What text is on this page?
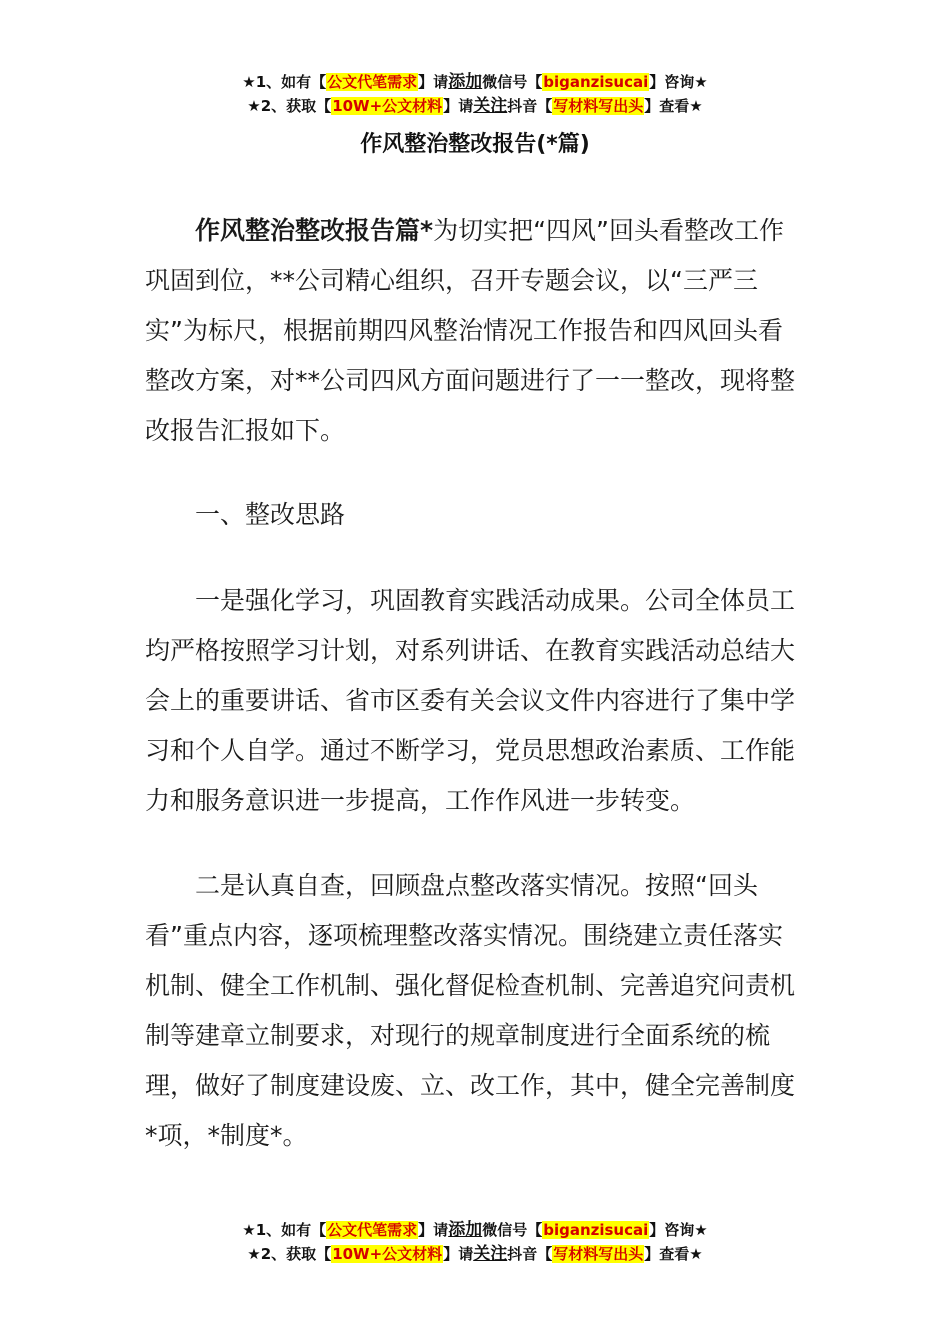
★1、如有【公文代笔需求】请添加微信号【biganzisucai】咨询★
★2、获取【10W+公文材料】请关注抖音【写材料写出头】查看★
作风整治整改报告(*篇)

作风整治整改报告篇*为切实把“四风”回头看整改工作巩固到位，**公司精心组织，召开专题会议，以“三严三实”为标尺，根据前期四风整治情况工作报告和四风回头看整改方案，对**公司四风方面问题进行了一一整改，现将整改报告汇报如下。

一、整改思路

一是强化学习，巩固教育实践活动成果。公司全体员工均严格按照学习计划，对系列讲话、在教育实践活动总结大会上的重要讲话、省市区委有关会议文件内容进行了集中学习和个人自学。通过不断学习，党员思想政治素质、工作能力和服务意识进一步提高，工作作风进一步转变。

二是认真自查，回顾盘点整改落实情况。按照“回头看”重点内容，逐项梳理整改落实情况。围绕建立责任落实机制、健全工作机制、强化督促检查机制、完善追究问责机制等建章立制要求，对现行的规章制度进行全面系统的梳理，做好了制度建设废、立、改工作，其中，健全完善制度*项，*制度*。

★1、如有【公文代笔需求】请添加微信号【biganzisucai】咨询★
★2、获取【10W+公文材料】请关注抖音【写材料写出头】查看★
